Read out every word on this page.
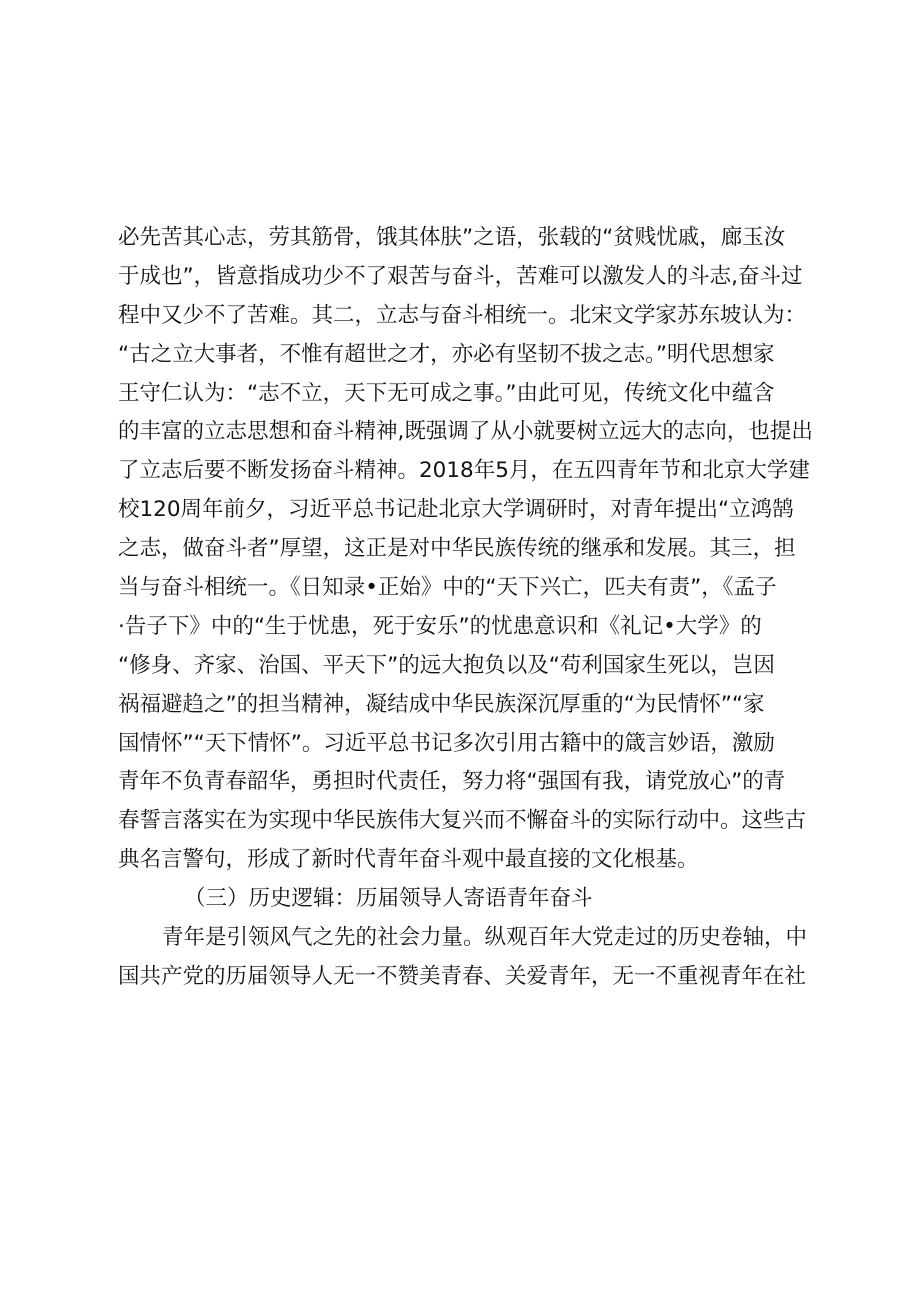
必先苦其心志，劳其筋骨，饿其体肤”之语，张载的“贫贱忧戚，廊玉汝
于成也”，皆意指成功少不了艰苦与奋斗，苦难可以激发人的斗志,奋斗过
程中又少不了苦难。其二，立志与奋斗相统一。北宋文学家苏东坡认为：
“古之立大事者，不惟有超世之才，亦必有坚韧不拔之志。”明代思想家
王守仁认为：“志不立，天下无可成之事。”由此可见，传统文化中蕴含
的丰富的立志思想和奋斗精神,既强调了从小就要树立远大的志向，也提出
了立志后要不断发扬奋斗精神。2018年5月，在五四青年节和北京大学建
校120周年前夕，习近平总书记赴北京大学调研时，对青年提出“立鸿鹄
之志，做奋斗者”厚望，这正是对中华民族传统的继承和发展。其三，担
当与奋斗相统一。《日知录•正始》中的“天下兴亡，匹夫有责”，《孟子
·告子下》中的“生于忧患，死于安乐”的忧患意识和《礼记•大学》的
“修身、齐家、治国、平天下”的远大抱负以及“苟利国家生死以，岂因
祸福避趋之”的担当精神，凝结成中华民族深沉厚重的“为民情怀”“家
国情怀”“天下情怀”。习近平总书记多次引用古籍中的箴言妙语，激励
青年不负青春韶华，勇担时代责任，努力将“强国有我，请党放心”的青
春誓言落实在为实现中华民族伟大复兴而不懈奋斗的实际行动中。这些古
典名言警句，形成了新时代青年奋斗观中最直接的文化根基。
（三）历史逻辑：历届领导人寄语青年奋斗
青年是引领风气之先的社会力量。纵观百年大党走过的历史卷轴，中
国共产党的历届领导人无一不赞美青春、关爱青年，无一不重视青年在社
